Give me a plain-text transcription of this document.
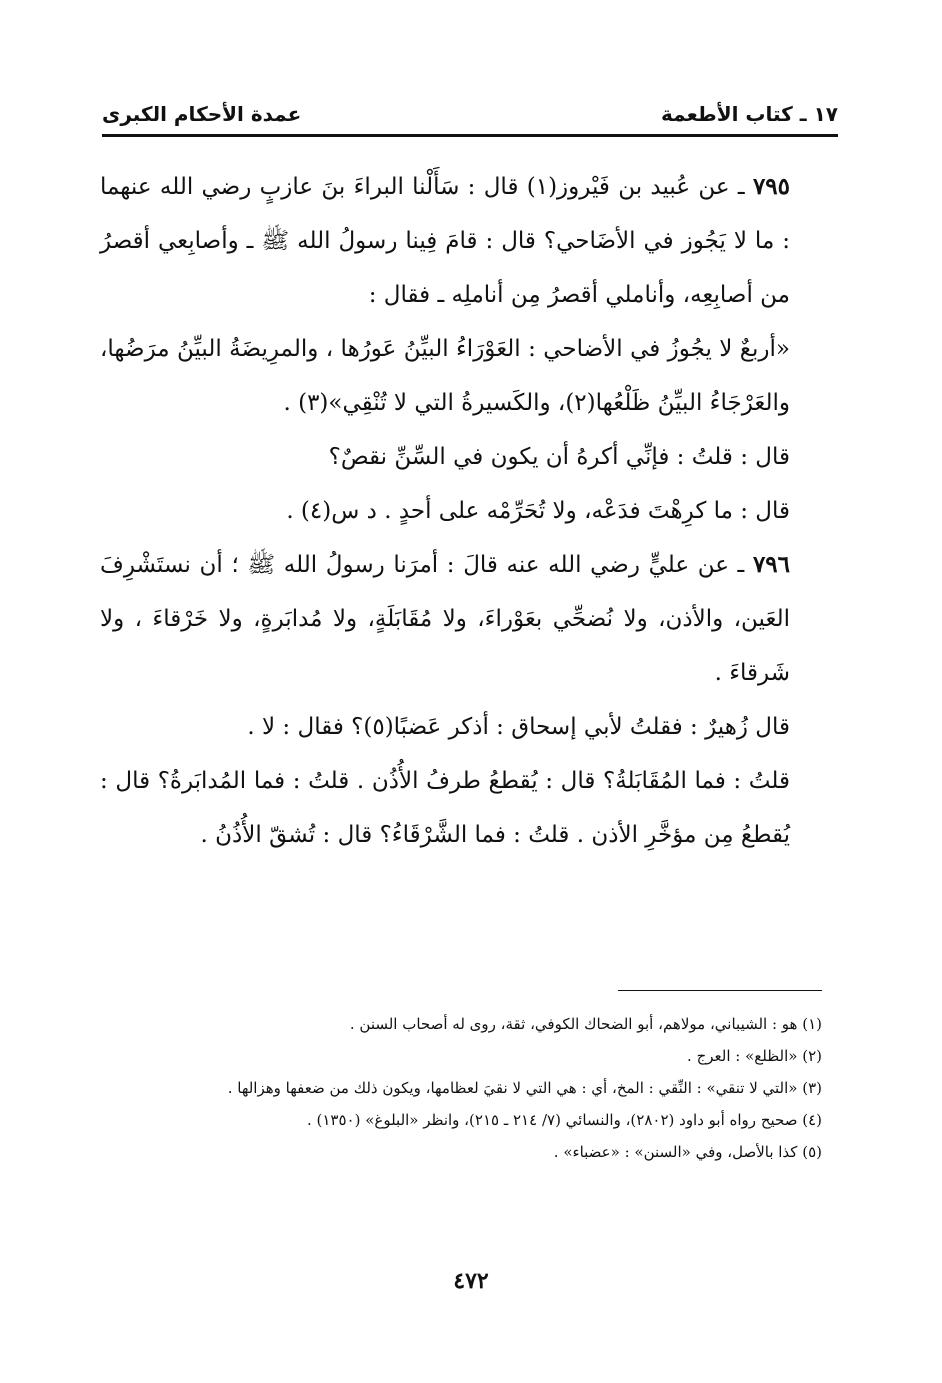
١٧ ـ كتاب الأطعمة
عمدة الأحكام الكبرى

٧٩٥ ـ عن عُبيد بن فَيْروز(١) قال : سَأَلْنا البراءَ بنَ عازبٍ رضي الله عنهما : ما لا يَجُوز في الأضَاحي؟ قال : قامَ فِينا رسولُ الله ﷺ ـ وأصابِعي أقصرُ من أصابِعِه، وأناملي أقصرُ مِن أناملِه ـ فقال :

«أربعٌ لا يجُوزُ في الأضاحي : العَوْرَاءُ البيِّنُ عَورُها ، والمرِيضَةُ البيِّنُ مرَضُها، والعَرْجَاءُ البيِّنُ ظَلْعُها(٢)، والكَسيرةُ التي لا تُنْقِي»(٣) .

قال : قلتُ : فإنِّي أكرهُ أن يكون في السِّنِّ نقصٌ؟

قال : ما كرِهْتَ فدَعْه، ولا تُحَرِّمْه على أحدٍ . د س(٤) .

٧٩٦ ـ عن عليٍّ رضي الله عنه قالَ : أمرَنا رسولُ الله ﷺ ؛ أن نستَشْرِفَ العَين، والأذن، ولا نُضحِّي بعَوْراءَ، ولا مُقَابَلَةٍ، ولا مُدابَرةٍ، ولا خَرْقاءَ ، ولا شَرقاءَ .

قال زُهيرٌ : فقلتُ لأبي إسحاق : أذكر عَضبًا(٥)؟ فقال : لا .

قلتُ : فما المُقَابَلةُ؟ قال : يُقطعُ طرفُ الأُذُن . قلتُ : فما المُدابَرةُ؟ قال : يُقطعُ مِن مؤخَّرِ الأذن . قلتُ : فما الشَّرْقَاءُ؟ قال : تُشقّ الأُذُنُ .

(١) هو : الشيباني، مولاهم، أبو الضحاك الكوفي، ثقة، روى له أصحاب السنن .

(٢) «الظلع» : العرج .

(٣) «التي لا تنقي» : النِّقي : المخ، أي : هي التي لا نقيَ لعظامها، ويكون ذلك من ضعفها وهزالها .

(٤) صحيح رواه أبو داود (٢٨٠٢)، والنسائي (٧/ ٢١٤ ـ ٢١٥)، وانظر «البلوغ» (١٣٥٠) .

(٥) كذا بالأصل، وفي «السنن» : «عضباء» .

٤٧٢
